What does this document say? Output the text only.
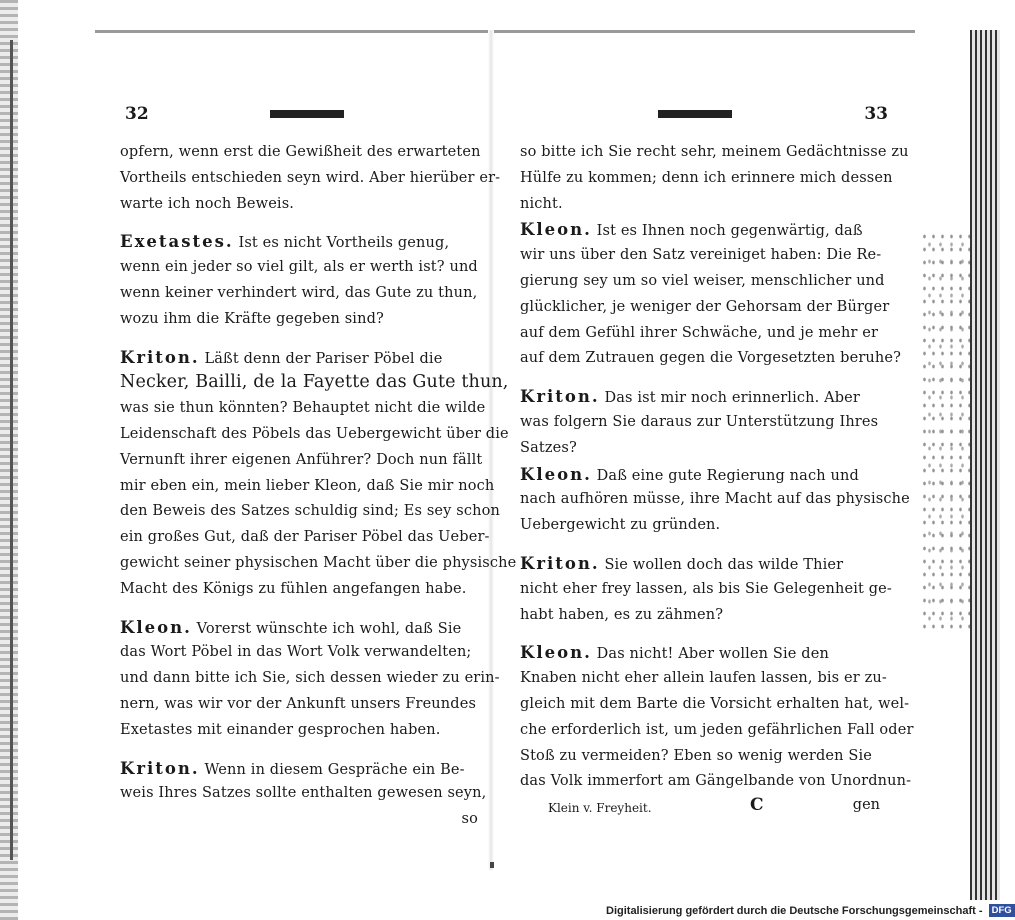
32
opfern, wenn erst die Gewißheit des erwarteten
Vortheils entschieden seyn wird. Aber hierüber er-
warte ich noch Beweis.
Exetastes. Ist es nicht Vortheils genug,
wenn ein jeder so viel gilt, als er werth ist? und
wenn keiner verhindert wird, das Gute zu thun,
wozu ihm die Kräfte gegeben sind?
Kriton. Läßt denn der Pariser Pöbel die
Necker, Bailli, de la Fayette das Gute thun,
was sie thun könnten? Behauptet nicht die wilde
Leidenschaft des Pöbels das Uebergewicht über die
Vernunft ihrer eigenen Anführer? Doch nun fällt
mir eben ein, mein lieber Kleon, daß Sie mir noch
den Beweis des Satzes schuldig sind; Es sey schon
ein großes Gut, daß der Pariser Pöbel das Ueber-
gewicht seiner physischen Macht über die physische
Macht des Königs zu fühlen angefangen habe.
Kleon. Vorerst wünschte ich wohl, daß Sie
das Wort Pöbel in das Wort Volk verwandelten;
und dann bitte ich Sie, sich dessen wieder zu erin-
nern, was wir vor der Ankunft unsers Freundes
Exetastes mit einander gesprochen haben.
Kriton. Wenn in diesem Gespräche ein Be-
weis Ihres Satzes sollte enthalten gewesen seyn,
so
33
so bitte ich Sie recht sehr, meinem Gedächtnisse zu
Hülfe zu kommen; denn ich erinnere mich dessen
nicht.
Kleon. Ist es Ihnen noch gegenwärtig, daß
wir uns über den Satz vereiniget haben: Die Re-
gierung sey um so viel weiser, menschlicher und
glücklicher, je weniger der Gehorsam der Bürger
auf dem Gefühl ihrer Schwäche, und je mehr er
auf dem Zutrauen gegen die Vorgesetzten beruhe?
Kriton. Das ist mir noch erinnerlich. Aber
was folgern Sie daraus zur Unterstützung Ihres
Satzes?
Kleon. Daß eine gute Regierung nach und
nach aufhören müsse, ihre Macht auf das physische
Uebergewicht zu gründen.
Kriton. Sie wollen doch das wilde Thier
nicht eher frey lassen, als bis Sie Gelegenheit ge-
habt haben, es zu zähmen?
Kleon. Das nicht! Aber wollen Sie den
Knaben nicht eher allein laufen lassen, bis er zu-
gleich mit dem Barte die Vorsicht erhalten hat, wel-
che erforderlich ist, um jeden gefährlichen Fall oder
Stoß zu vermeiden? Eben so wenig werden Sie
das Volk immerfort am Gängelbande von Unordnun-
Klein v. Freyheit.	C	gen
Digitalisierung gefördert durch die Deutsche Forschungsgemeinschaft - DFG
